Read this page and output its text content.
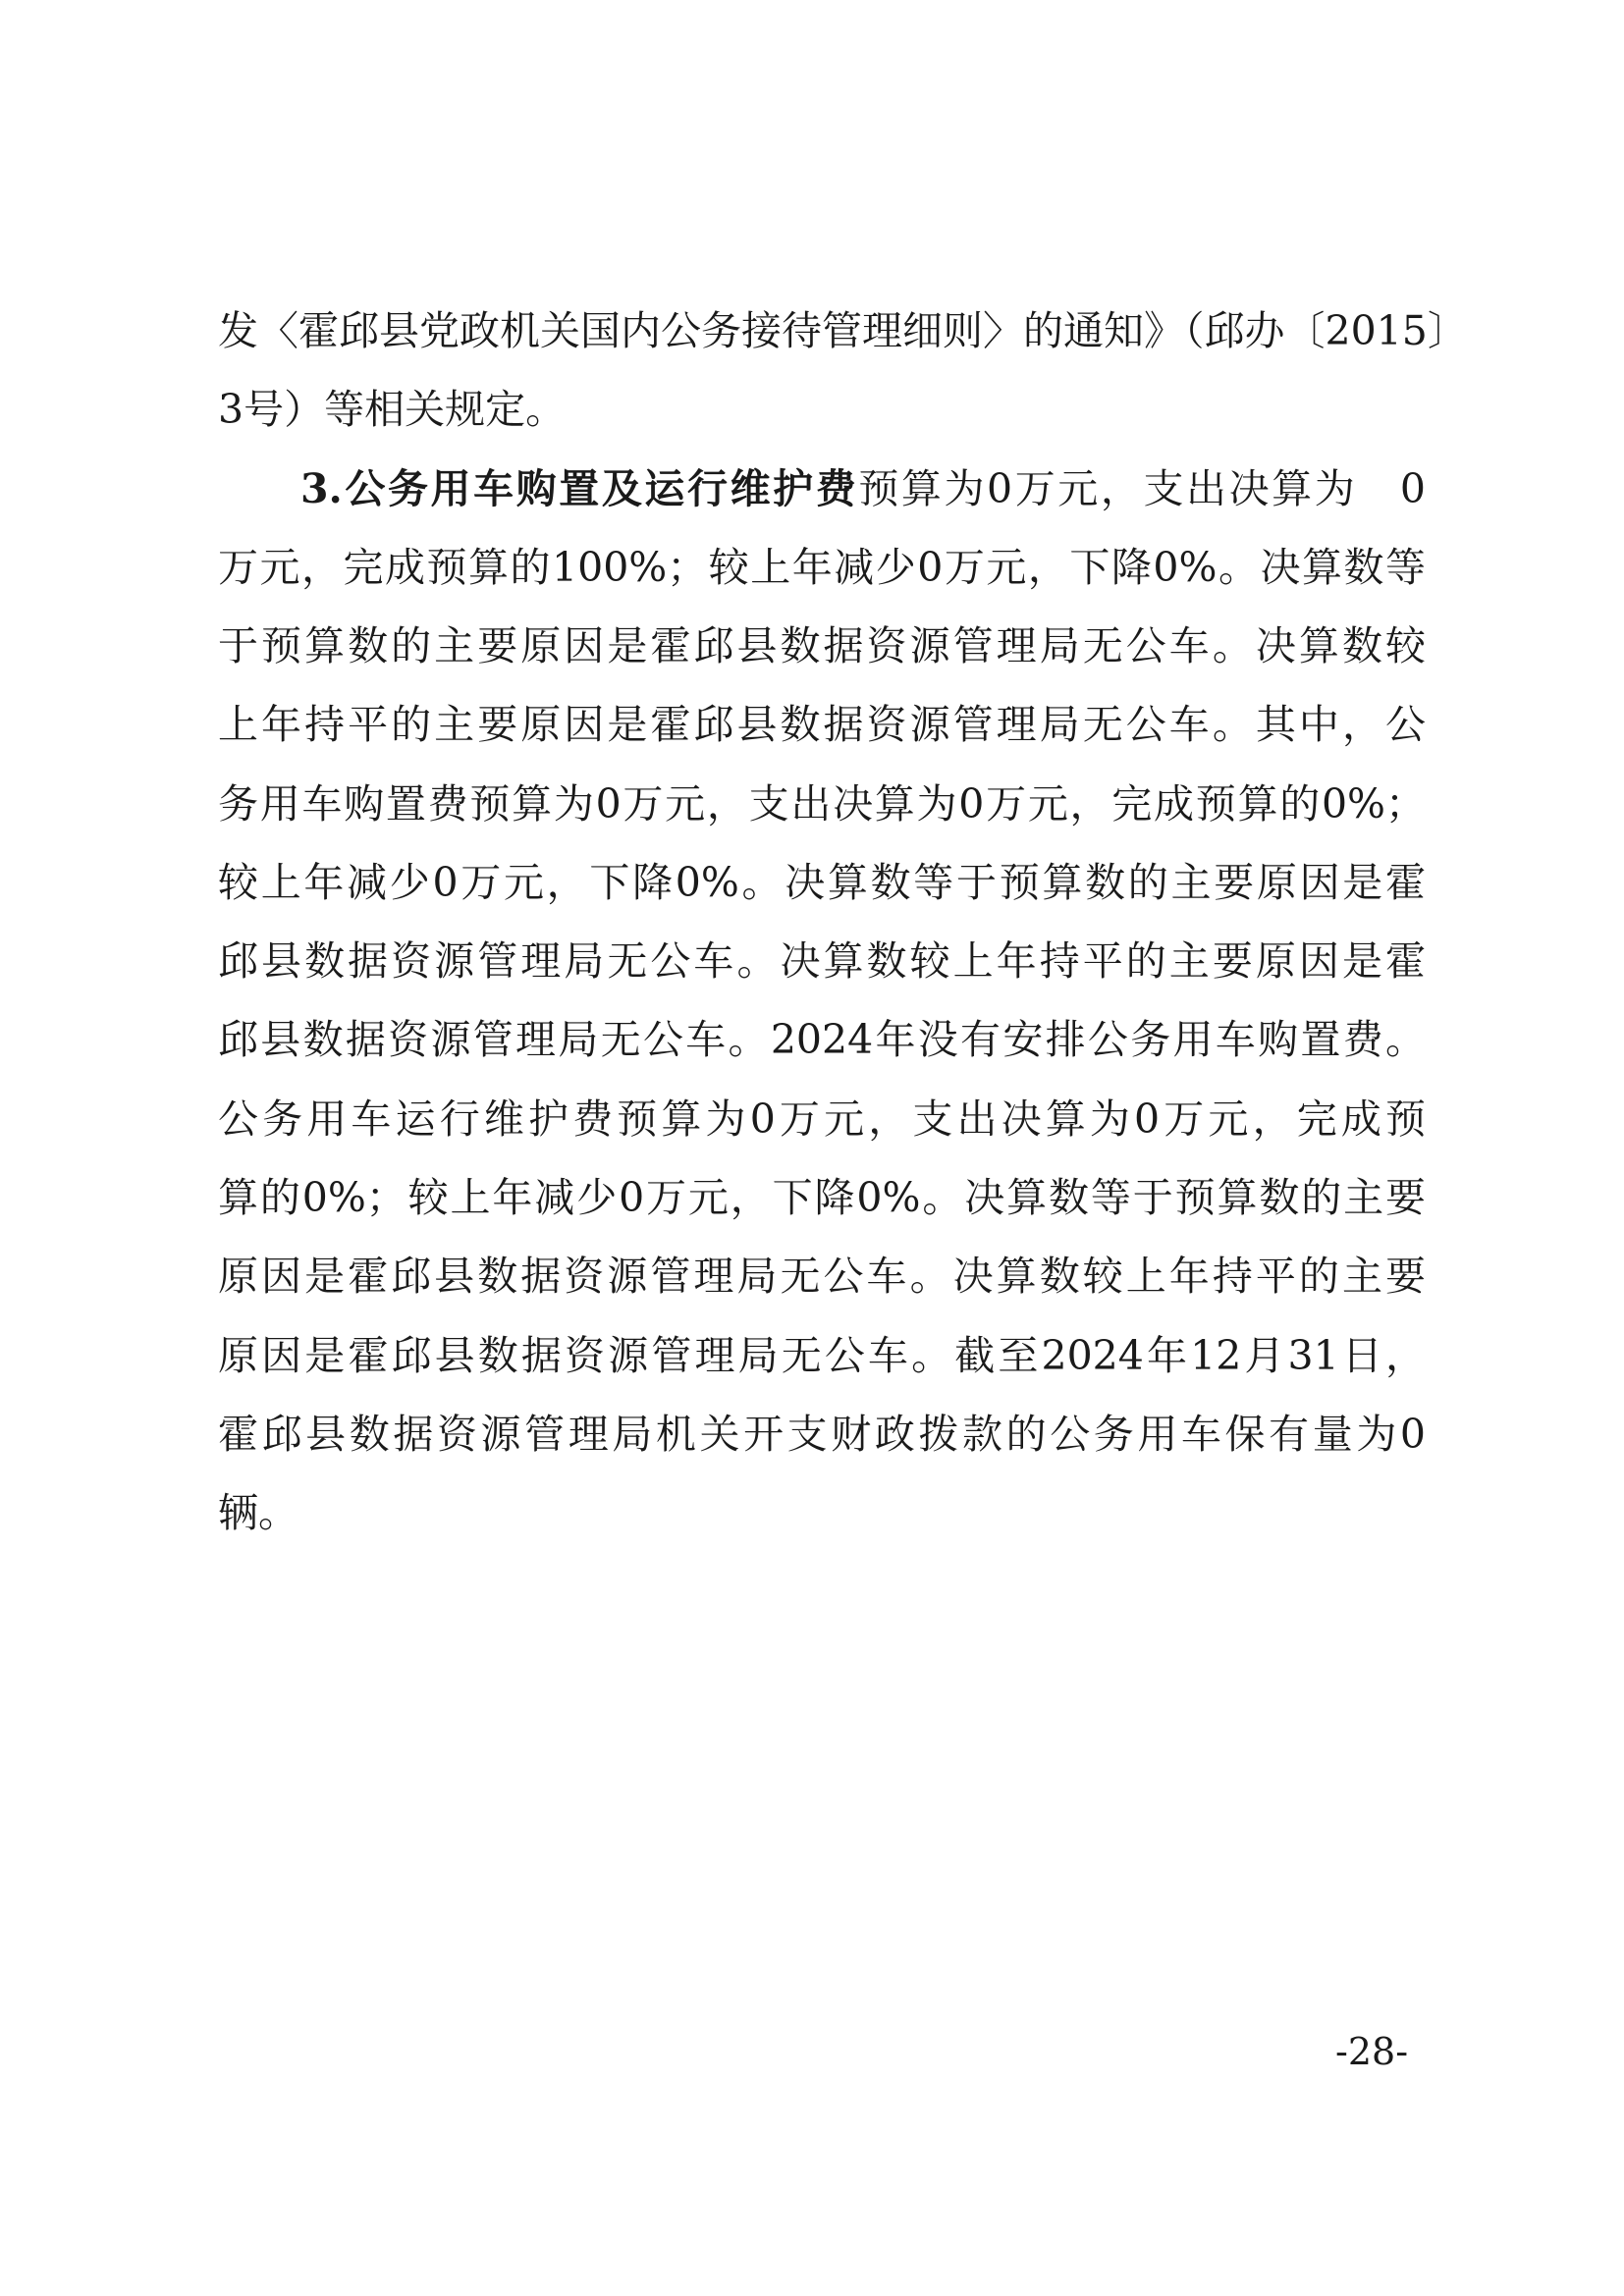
发〈霍邱县党政机关国内公务接待管理细则〉的通知》（邱办〔2015〕
3号）等相关规定。
3.公务用车购置及运行维护费预算为0万元，支出决算为　0
万元，完成预算的100%；较上年减少0万元，下降0%。决算数等
于预算数的主要原因是霍邱县数据资源管理局无公车。决算数较
上年持平的主要原因是霍邱县数据资源管理局无公车。其中，公
务用车购置费预算为0万元，支出决算为0万元，完成预算的0%；
较上年减少0万元，下降0%。决算数等于预算数的主要原因是霍
邱县数据资源管理局无公车。决算数较上年持平的主要原因是霍
邱县数据资源管理局无公车。2024年没有安排公务用车购置费。
公务用车运行维护费预算为0万元，支出决算为0万元，完成预
算的0%；较上年减少0万元，下降0%。决算数等于预算数的主要
原因是霍邱县数据资源管理局无公车。决算数较上年持平的主要
原因是霍邱县数据资源管理局无公车。截至2024年12月31日，
霍邱县数据资源管理局机关开支财政拨款的公务用车保有量为0
辆。
-28-
